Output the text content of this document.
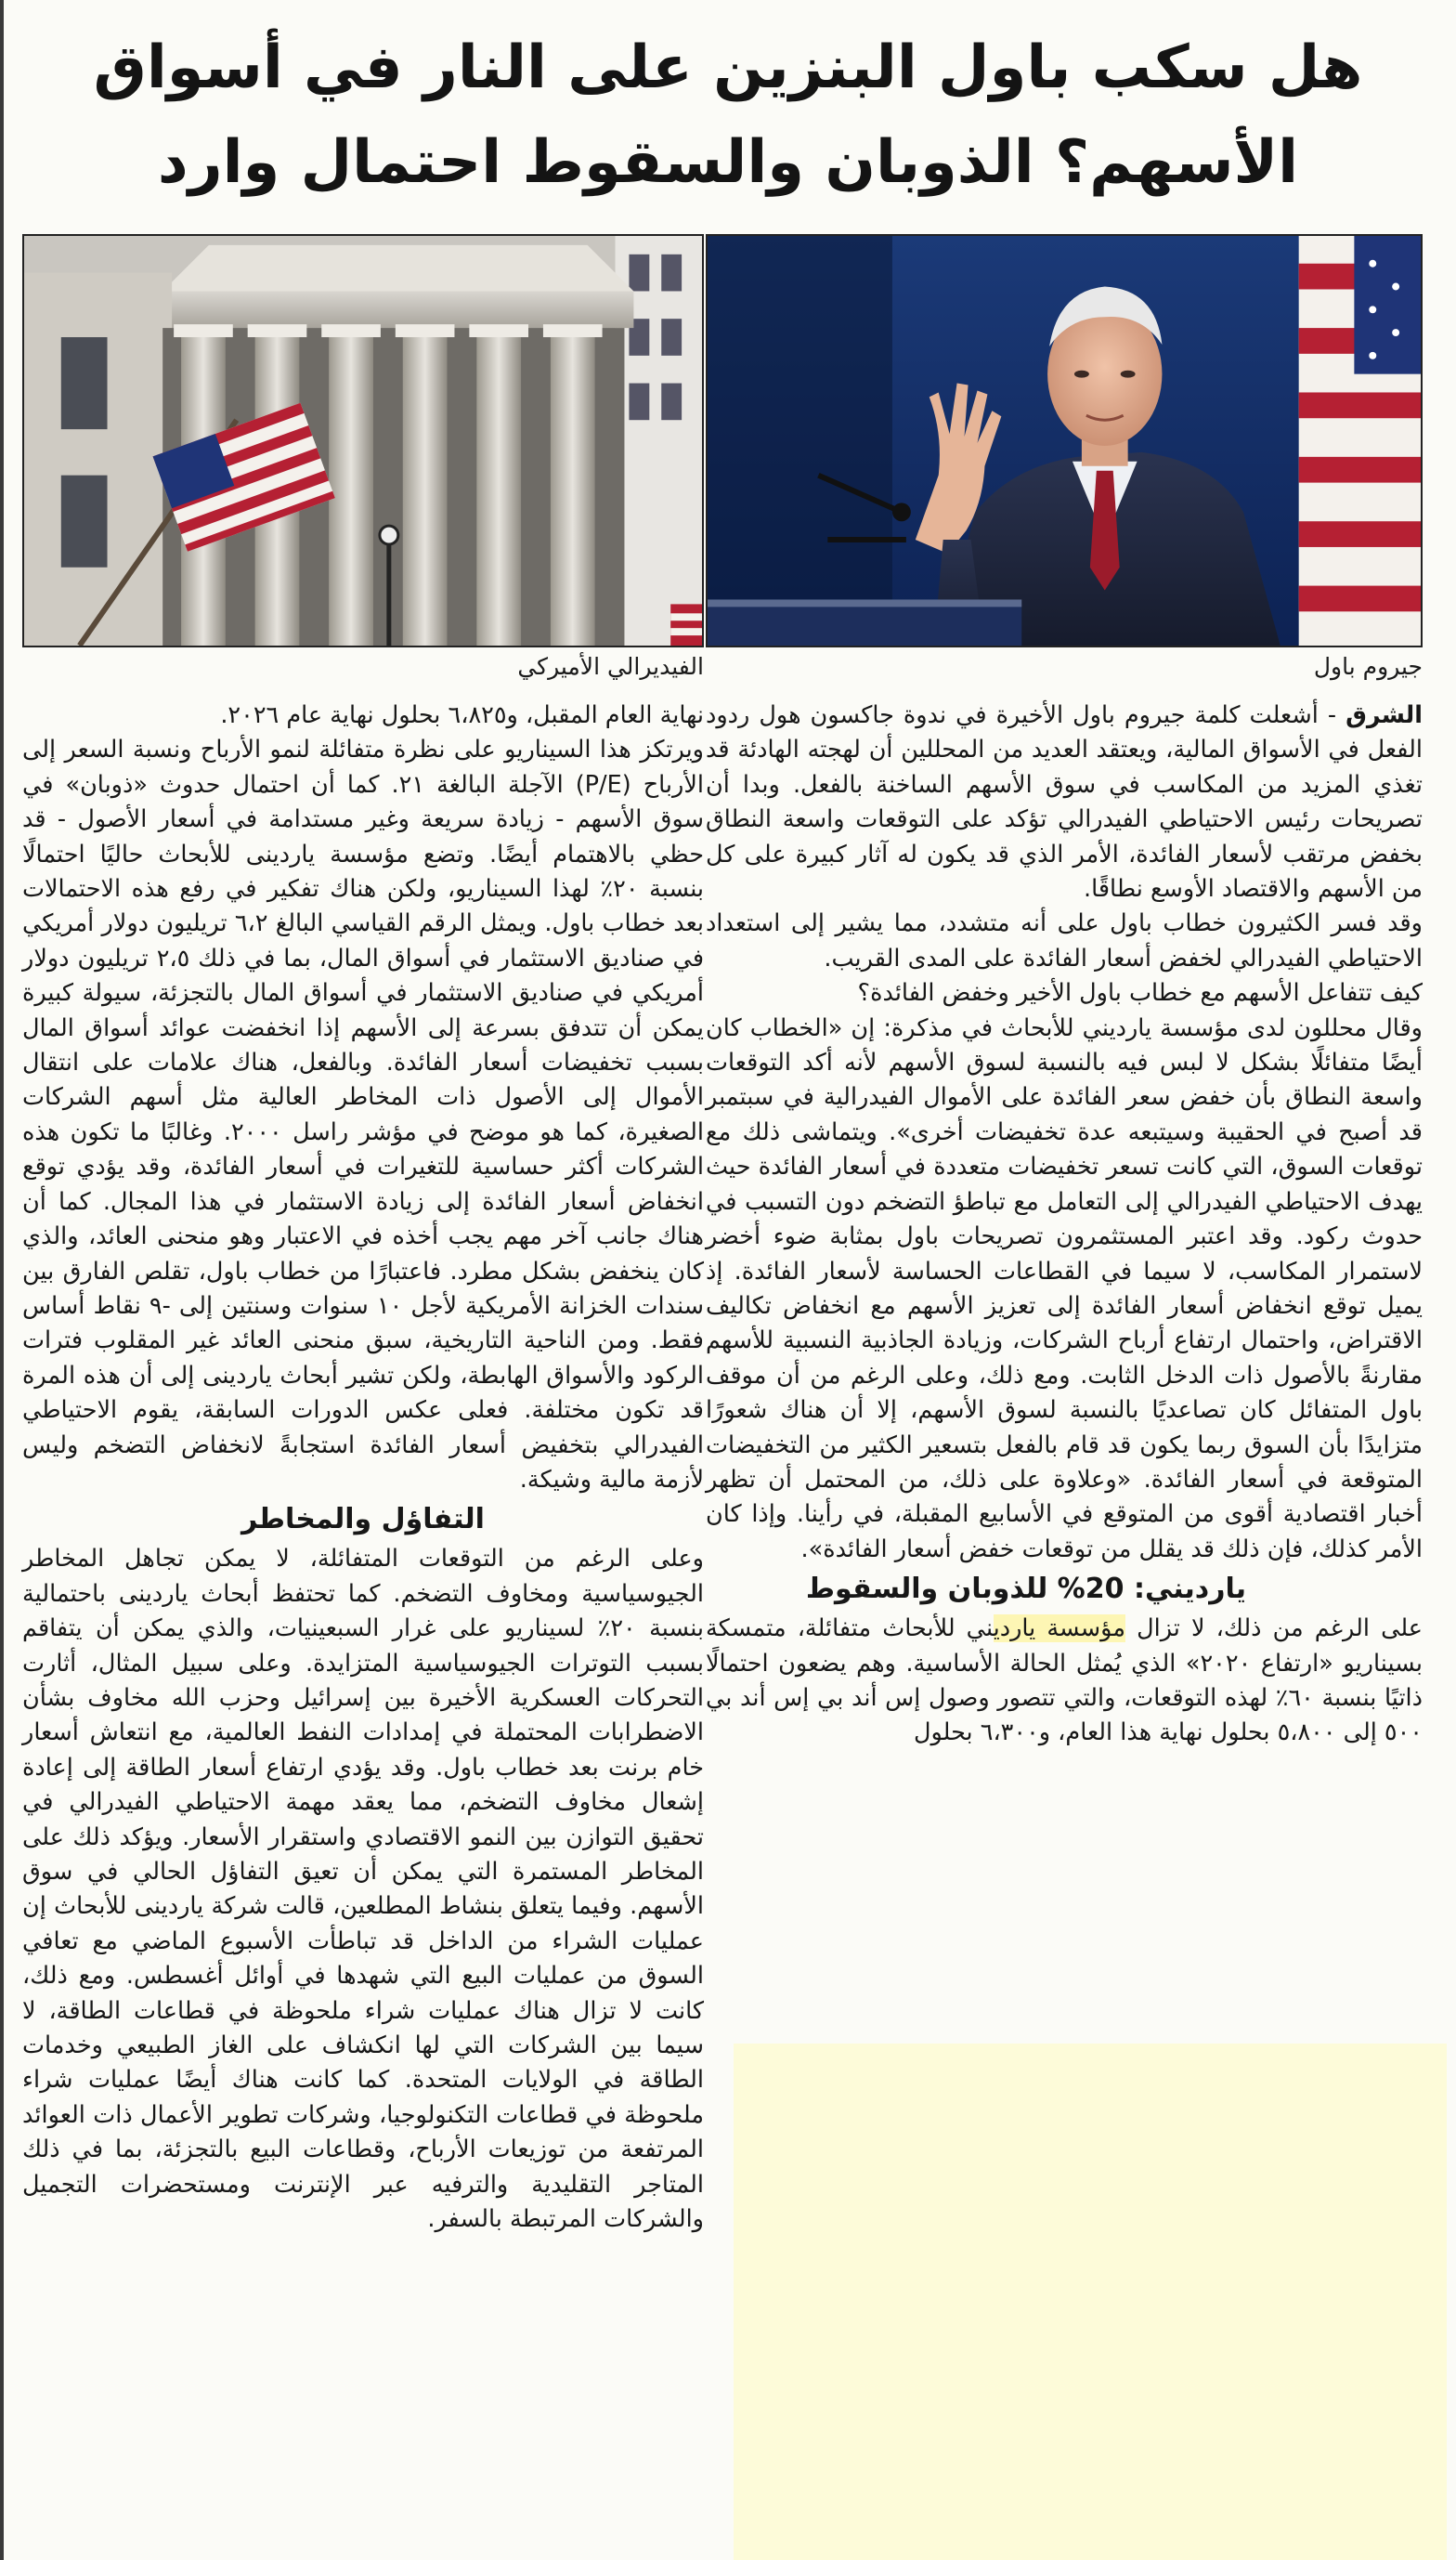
هل سكب باول البنزين على النار في أسواق
الأسهم؟ الذوبان والسقوط احتمال وارد

جيروم باول

الفيديرالي الأميركي

الشرق - أشعلت كلمة جيروم باول الأخيرة في ندوة جاكسون هول ردود الفعل في الأسواق المالية، ويعتقد العديد من المحللين أن لهجته الهادئة قد تغذي المزيد من المكاسب في سوق الأسهم الساخنة بالفعل. وبدا أن تصريحات رئيس الاحتياطي الفيدرالي تؤكد على التوقعات واسعة النطاق بخفض مرتقب لأسعار الفائدة، الأمر الذي قد يكون له آثار كبيرة على كل من الأسهم والاقتصاد الأوسع نطاقًا.

وقد فسر الكثيرون خطاب باول على أنه متشدد، مما يشير إلى استعداد الاحتياطي الفيدرالي لخفض أسعار الفائدة على المدى القريب.

كيف تتفاعل الأسهم مع خطاب باول الأخير وخفض الفائدة؟

وقال محللون لدى مؤسسة يارديني للأبحاث في مذكرة: إن «الخطاب كان أيضًا متفائلًا بشكل لا لبس فيه بالنسبة لسوق الأسهم لأنه أكد التوقعات واسعة النطاق بأن خفض سعر الفائدة على الأموال الفيدرالية في سبتمبر قد أصبح في الحقيبة وسيتبعه عدة تخفيضات أخرى». ويتماشى ذلك مع توقعات السوق، التي كانت تسعر تخفيضات متعددة في أسعار الفائدة حيث يهدف الاحتياطي الفيدرالي إلى التعامل مع تباطؤ التضخم دون التسبب في حدوث ركود. وقد اعتبر المستثمرون تصريحات باول بمثابة ضوء أخضر لاستمرار المكاسب، لا سيما في القطاعات الحساسة لأسعار الفائدة. إذ يميل توقع انخفاض أسعار الفائدة إلى تعزيز الأسهم مع انخفاض تكاليف الاقتراض، واحتمال ارتفاع أرباح الشركات، وزيادة الجاذبية النسبية للأسهم مقارنةً بالأصول ذات الدخل الثابت. ومع ذلك، وعلى الرغم من أن موقف باول المتفائل كان تصاعديًا بالنسبة لسوق الأسهم، إلا أن هناك شعورًا متزايدًا بأن السوق ربما يكون قد قام بالفعل بتسعير الكثير من التخفيضات المتوقعة في أسعار الفائدة. «وعلاوة على ذلك، من المحتمل أن تظهر أخبار اقتصادية أقوى من المتوقع في الأسابيع المقبلة، في رأينا. وإذا كان الأمر كذلك، فإن ذلك قد يقلل من توقعات خفض أسعار الفائدة».

يارديني: 20% للذوبان والسقوط

على الرغم من ذلك، لا تزال مؤسسة يارديني للأبحاث متفائلة، متمسكة بسيناريو «ارتفاع ٢٠٢٠» الذي يُمثل الحالة الأساسية. وهم يضعون احتمالًا ذاتيًا بنسبة ٦٠٪ لهذه التوقعات، والتي تتصور وصول إس أند بي إس أند بي ٥٠٠ إلى ٥،٨٠٠ بحلول نهاية هذا العام، و٦،٣٠٠ بحلول

نهاية العام المقبل، و٦،٨٢٥ بحلول نهاية عام ٢٠٢٦.

ويرتكز هذا السيناريو على نظرة متفائلة لنمو الأرباح ونسبة السعر إلى الأرباح (P/E) الآجلة البالغة ٢١. كما أن احتمال حدوث «ذوبان» في سوق الأسهم - زيادة سريعة وغير مستدامة في أسعار الأصول - قد حظي بالاهتمام أيضًا. وتضع مؤسسة ياردينى للأبحاث حاليًا احتمالًا بنسبة ٢٠٪ لهذا السيناريو، ولكن هناك تفكير في رفع هذه الاحتمالات بعد خطاب باول. ويمثل الرقم القياسي البالغ ٦،٢ تريليون دولار أمريكي في صناديق الاستثمار في أسواق المال، بما في ذلك ٢،٥ تريليون دولار أمريكي في صناديق الاستثمار في أسواق المال بالتجزئة، سيولة كبيرة يمكن أن تتدفق بسرعة إلى الأسهم إذا انخفضت عوائد أسواق المال بسبب تخفيضات أسعار الفائدة. وبالفعل، هناك علامات على انتقال الأموال إلى الأصول ذات المخاطر العالية مثل أسهم الشركات الصغيرة، كما هو موضح في مؤشر راسل ٢٠٠٠. وغالبًا ما تكون هذه الشركات أكثر حساسية للتغيرات في أسعار الفائدة، وقد يؤدي توقع انخفاض أسعار الفائدة إلى زيادة الاستثمار في هذا المجال. كما أن هناك جانب آخر مهم يجب أخذه في الاعتبار وهو منحنى العائد، والذي كان ينخفض بشكل مطرد. فاعتبارًا من خطاب باول، تقلص الفارق بين سندات الخزانة الأمريكية لأجل ١٠ سنوات وسنتين إلى -٩ نقاط أساس فقط. ومن الناحية التاريخية، سبق منحنى العائد غير المقلوب فترات الركود والأسواق الهابطة، ولكن تشير أبحاث ياردينى إلى أن هذه المرة قد تكون مختلفة. فعلى عكس الدورات السابقة، يقوم الاحتياطي الفيدرالي بتخفيض أسعار الفائدة استجابةً لانخفاض التضخم وليس لأزمة مالية وشيكة.

التفاؤل والمخاطر

وعلى الرغم من التوقعات المتفائلة، لا يمكن تجاهل المخاطر الجيوسياسية ومخاوف التضخم. كما تحتفظ أبحاث ياردينى باحتمالية بنسبة ٢٠٪ لسيناريو على غرار السبعينيات، والذي يمكن أن يتفاقم بسبب التوترات الجيوسياسية المتزايدة. وعلى سبيل المثال، أثارت التحركات العسكرية الأخيرة بين إسرائيل وحزب الله مخاوف بشأن الاضطرابات المحتملة في إمدادات النفط العالمية، مع انتعاش أسعار خام برنت بعد خطاب باول. وقد يؤدي ارتفاع أسعار الطاقة إلى إعادة إشعال مخاوف التضخم، مما يعقد مهمة الاحتياطي الفيدرالي في تحقيق التوازن بين النمو الاقتصادي واستقرار الأسعار. ويؤكد ذلك على المخاطر المستمرة التي يمكن أن تعيق التفاؤل الحالي في سوق الأسهم. وفيما يتعلق بنشاط المطلعين، قالت شركة ياردينى للأبحاث إن عمليات الشراء من الداخل قد تباطأت الأسبوع الماضي مع تعافي السوق من عمليات البيع التي شهدها في أوائل أغسطس. ومع ذلك، كانت لا تزال هناك عمليات شراء ملحوظة في قطاعات الطاقة، لا سيما بين الشركات التي لها انكشاف على الغاز الطبيعي وخدمات الطاقة في الولايات المتحدة. كما كانت هناك أيضًا عمليات شراء ملحوظة في قطاعات التكنولوجيا، وشركات تطوير الأعمال ذات العوائد المرتفعة من توزيعات الأرباح، وقطاعات البيع بالتجزئة، بما في ذلك المتاجر التقليدية والترفيه عبر الإنترنت ومستحضرات التجميل والشركات المرتبطة بالسفر.
